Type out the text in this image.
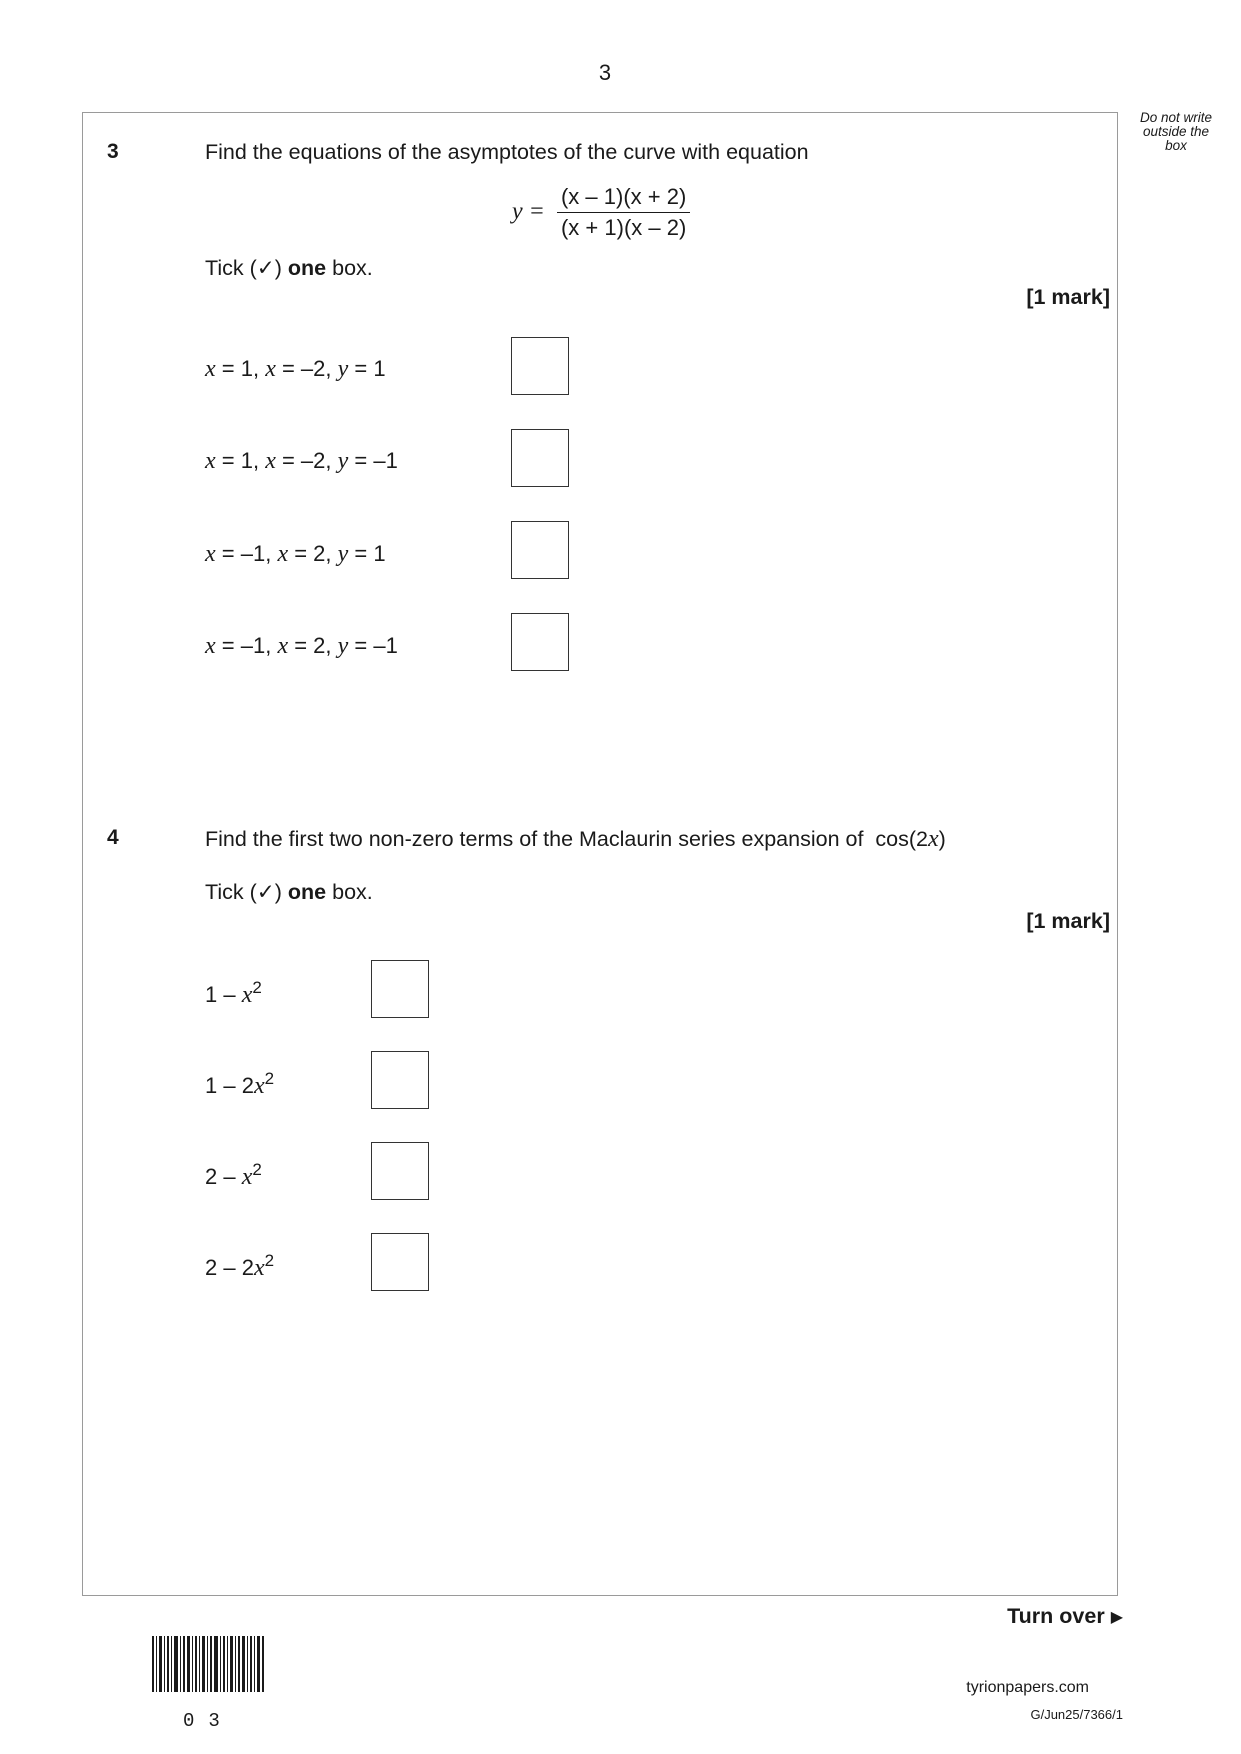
3
Do not write
outside the
box
3	Find the equations of the asymptotes of the curve with equation
$y = \frac{(x - 1)(x + 2)}{(x + 1)(x - 2)}$
Tick (✓) one box.
[1 mark]
x = 1, x = –2, y = 1
x = 1, x = –2, y = –1
x = –1, x = 2, y = 1
x = –1, x = 2, y = –1
4	Find the first two non-zero terms of the Maclaurin series expansion of cos(2x)
Tick (✓) one box.
[1 mark]
$1 - x^2$
$1 - 2x^2$
$2 - x^2$
$2 - 2x^2$
Turn over ▶
03
tyrionpapers.com
G/Jun25/7366/1
